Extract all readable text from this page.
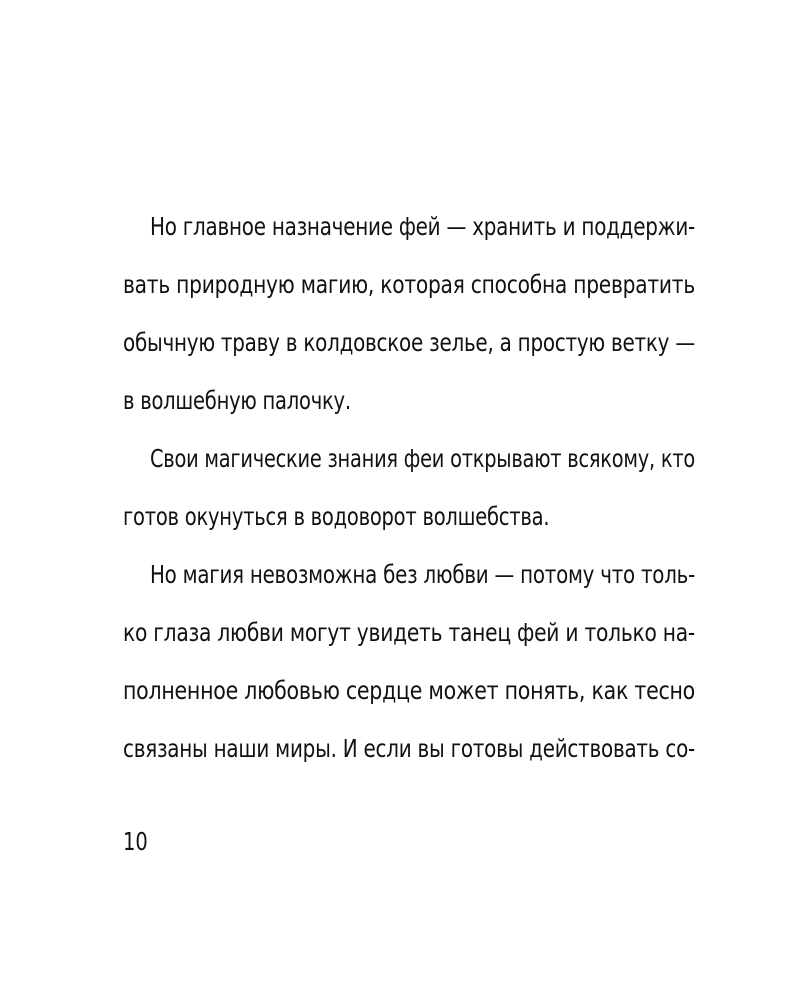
Но главное назначение фей — хранить и поддержи-
вать природную магию, которая способна превратить
обычную траву в колдовское зелье, а простую ветку —
в волшебную палочку.
Свои магические знания феи открывают всякому, кто
готов окунуться в водоворот волшебства.
Но магия невозможна без любви — потому что толь-
ко глаза любви могут увидеть танец фей и только на-
полненное любовью сердце может понять, как тесно
связаны наши миры. И если вы готовы действовать со-
10
